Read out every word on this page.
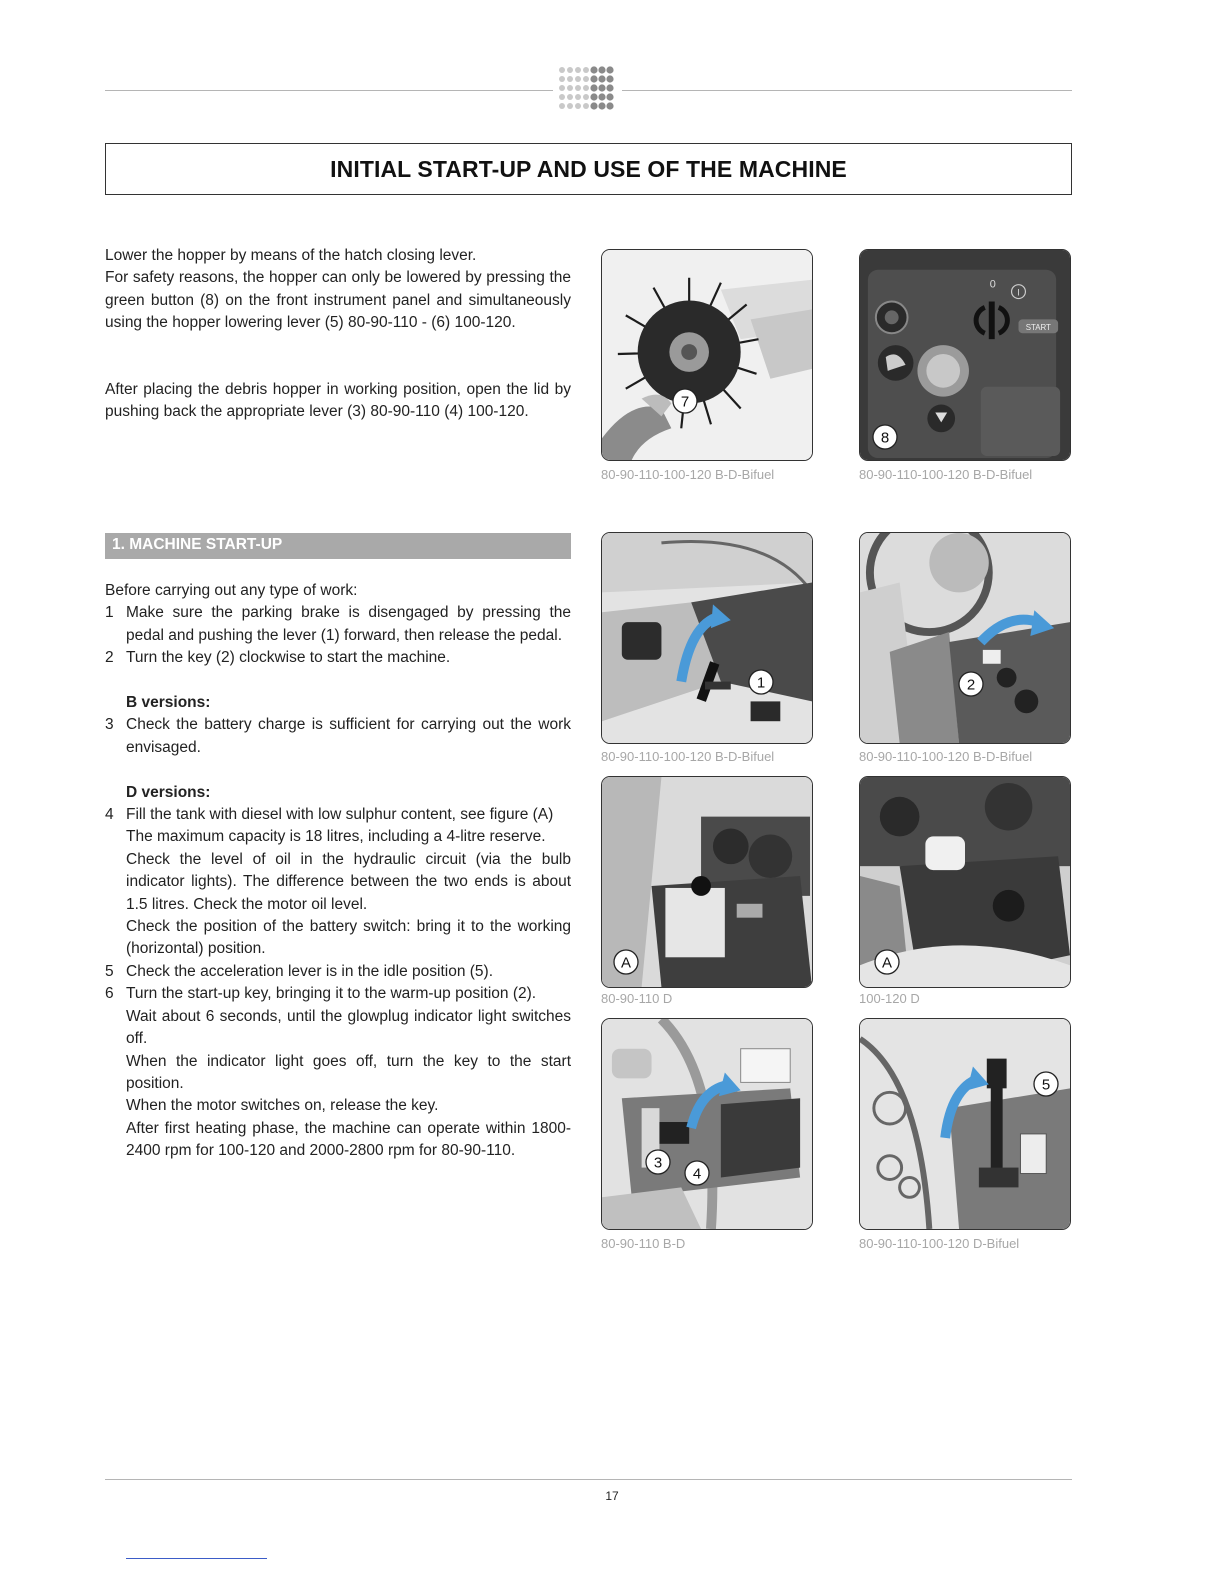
INITIAL START-UP AND USE OF THE MACHINE
Lower the hopper by means of the hatch closing lever.
For safety reasons, the hopper can only be lowered by pressing the green button (8) on the front instrument panel and simultaneously using the hopper lowering lever (5) 80-90-110 - (6) 100-120.
After placing the debris hopper in working position, open the lid by pushing back the appropriate lever (3) 80-90-110 (4) 100-120.
1. MACHINE START-UP
Before carrying out any type of work:
1 Make sure the parking brake is disengaged by pressing the pedal and pushing the lever (1) forward, then release the pedal.
2 Turn the key (2) clockwise to start the machine.
B versions:
3 Check the battery charge is sufficient for carrying out the work envisaged.
D versions:
4 Fill the tank with diesel with low sulphur content, see figure (A)
The maximum capacity is 18 litres, including a 4-litre reserve.
Check the level of oil in the hydraulic circuit (via the bulb indicator lights). The difference between the two ends is about 1.5 litres. Check the motor oil level.
Check the position of the battery switch: bring it to the working (horizontal) position.
5 Check the acceleration lever is in the idle position (5).
6 Turn the start-up key, bringing it to the warm-up position (2).
Wait about 6 seconds, until the glowplug indicator light switches off.
When the indicator light goes off, turn the key to the start position.
When the motor switches on, release the key.
After first heating phase, the machine can operate within 1800-2400 rpm for 100-120 and 2000-2800 rpm for 80-90-110.
7
80-90-110-100-120 B-D-Bifuel
0
I
START
8
80-90-110-100-120 B-D-Bifuel
1
80-90-110-100-120 B-D-Bifuel
2
80-90-110-100-120 B-D-Bifuel
A
80-90-110 D
A
100-120 D
3
4
80-90-110 B-D
5
80-90-110-100-120 D-Bifuel
17
